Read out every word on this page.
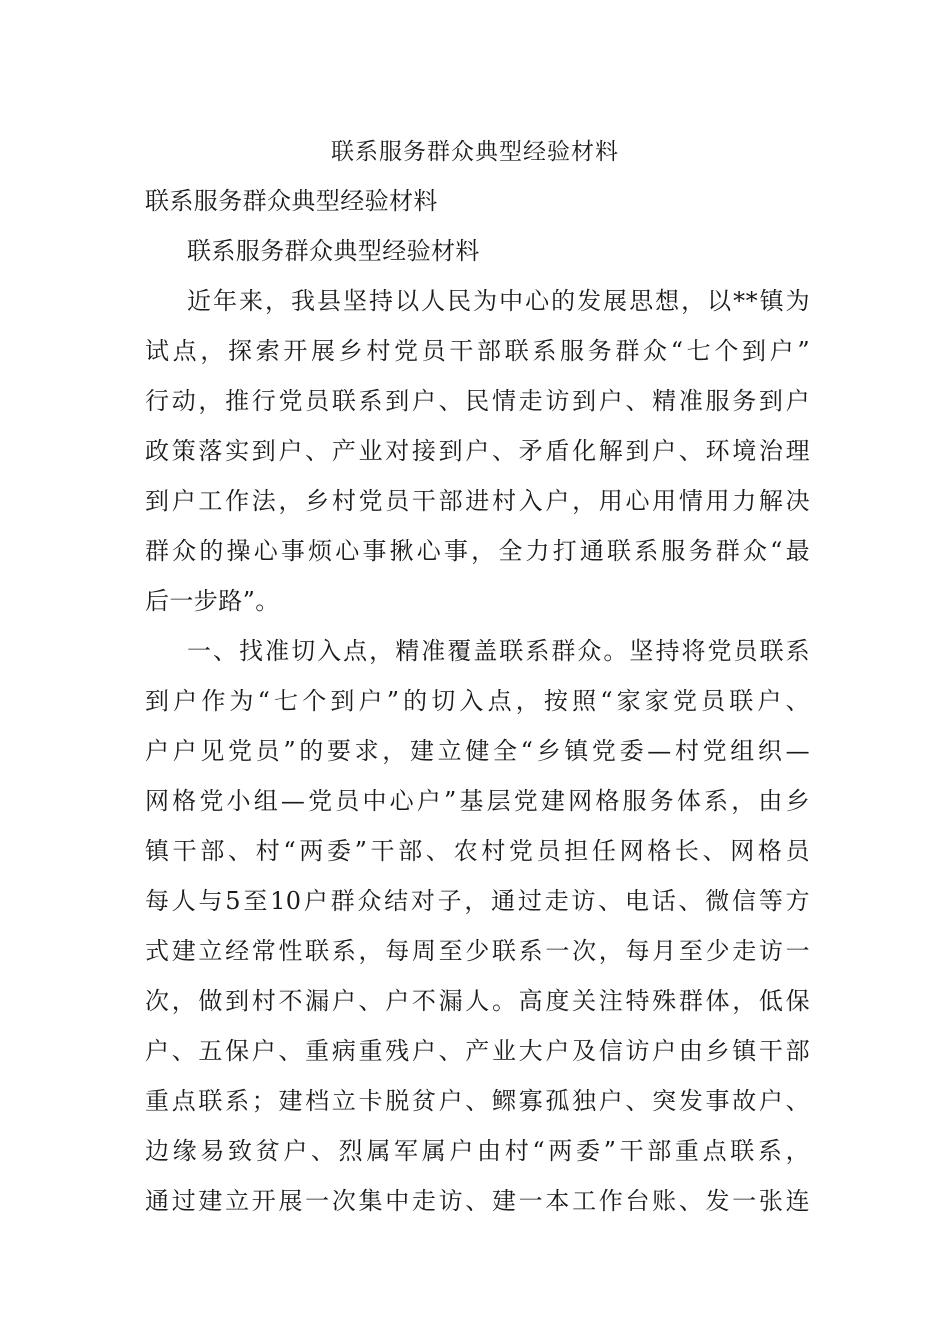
联系服务群众典型经验材料
联系服务群众典型经验材料
联系服务群众典型经验材料
近年来，我县坚持以人民为中心的发展思想，以**镇为
试点，探索开展乡村党员干部联系服务群众“七个到户”
行动，推行党员联系到户、民情走访到户、精准服务到户
政策落实到户、产业对接到户、矛盾化解到户、环境治理
到户工作法，乡村党员干部进村入户，用心用情用力解决
群众的操心事烦心事揪心事，全力打通联系服务群众“最
后一步路”。
一、找准切入点，精准覆盖联系群众。坚持将党员联系
到户作为“七个到户”的切入点，按照“家家党员联户、
户户见党员”的要求，建立健全“乡镇党委—村党组织—
网格党小组—党员中心户”基层党建网格服务体系，由乡
镇干部、村“两委”干部、农村党员担任网格长、网格员
每人与5至10户群众结对子，通过走访、电话、微信等方
式建立经常性联系，每周至少联系一次，每月至少走访一
次，做到村不漏户、户不漏人。高度关注特殊群体，低保
户、五保户、重病重残户、产业大户及信访户由乡镇干部
重点联系；建档立卡脱贫户、鳏寡孤独户、突发事故户、
边缘易致贫户、烈属军属户由村“两委”干部重点联系，
通过建立开展一次集中走访、建一本工作台账、发一张连
